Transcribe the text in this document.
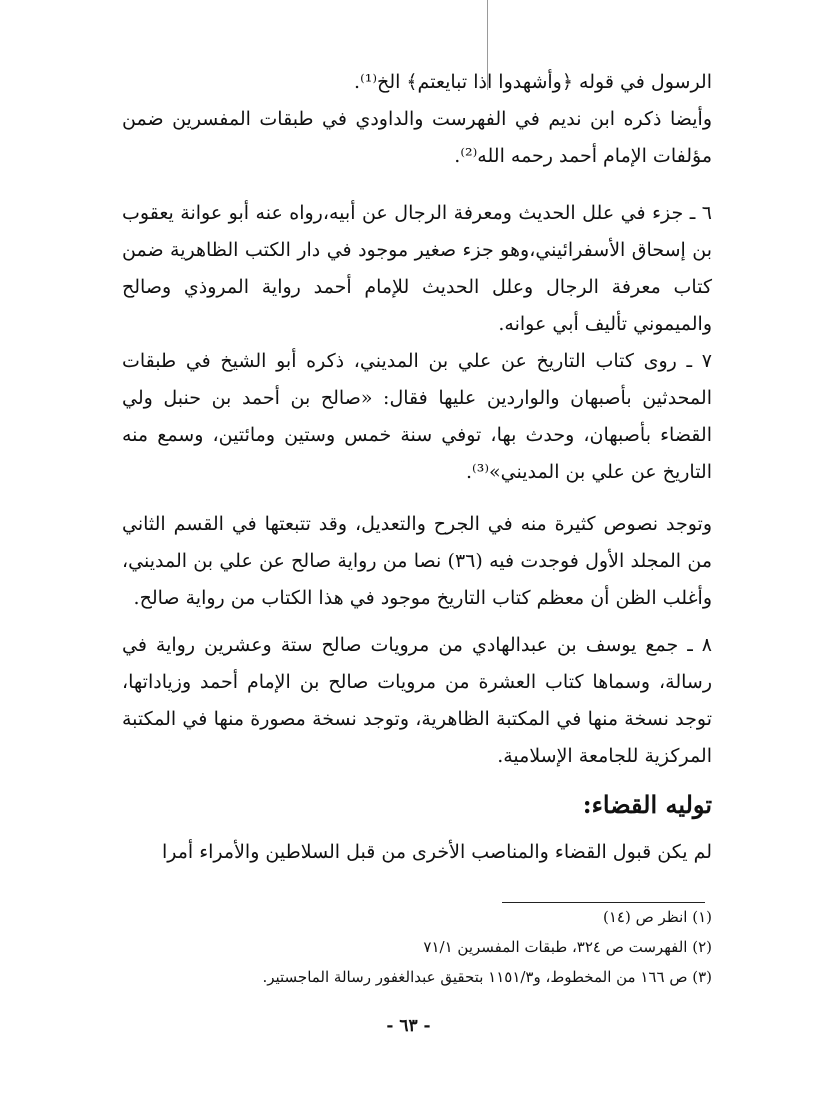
الرسول في قوله ﴿وأشهدوا اذا تبايعتم﴾ الخ⁽¹⁾.

وأيضا ذكره ابن نديم في الفهرست والداودي في طبقات المفسرين ضمن مؤلفات الإمام أحمد رحمه الله⁽²⁾.

٦ ـ جزء في علل الحديث ومعرفة الرجال عن أبيه،رواه عنه أبو عوانة يعقوب بن إسحاق الأسفرائيني،وهو جزء صغير موجود في دار الكتب الظاهرية ضمن كتاب معرفة الرجال وعلل الحديث للإمام أحمد رواية المروذي وصالح والميموني تأليف أبي عوانه.

٧ ـ روى كتاب التاريخ عن علي بن المديني، ذكره أبو الشيخ في طبقات المحدثين بأصبهان والواردين عليها فقال: «صالح بن أحمد بن حنبل ولي القضاء بأصبهان، وحدث بها، توفي سنة خمس وستين ومائتين، وسمع منه التاريخ عن علي بن المديني»⁽³⁾.

وتوجد نصوص كثيرة منه في الجرح والتعديل، وقد تتبعتها في القسم الثاني من المجلد الأول فوجدت فيه (٣٦) نصا من رواية صالح عن علي بن المديني، وأغلب الظن أن معظم كتاب التاريخ موجود في هذا الكتاب من رواية صالح.

٨ ـ جمع يوسف بن عبدالهادي من مرويات صالح ستة وعشرين رواية في رسالة، وسماها كتاب العشرة من مرويات صالح بن الإمام أحمد وزياداتها، توجد نسخة منها في المكتبة الظاهرية، وتوجد نسخة مصورة منها في المكتبة المركزية للجامعة الإسلامية.

توليه القضاء:

لم يكن قبول القضاء والمناصب الأخرى من قبل السلاطين والأمراء أمرا

(١) انظر ص (١٤)

(٢) الفهرست ص ٣٢٤، طبقات المفسرين ٧١/١

(٣) ص ١٦٦ من المخطوط، و١١٥١/٣ بتحقيق عبدالغفور رسالة الماجستير.

- ٦٣ -
